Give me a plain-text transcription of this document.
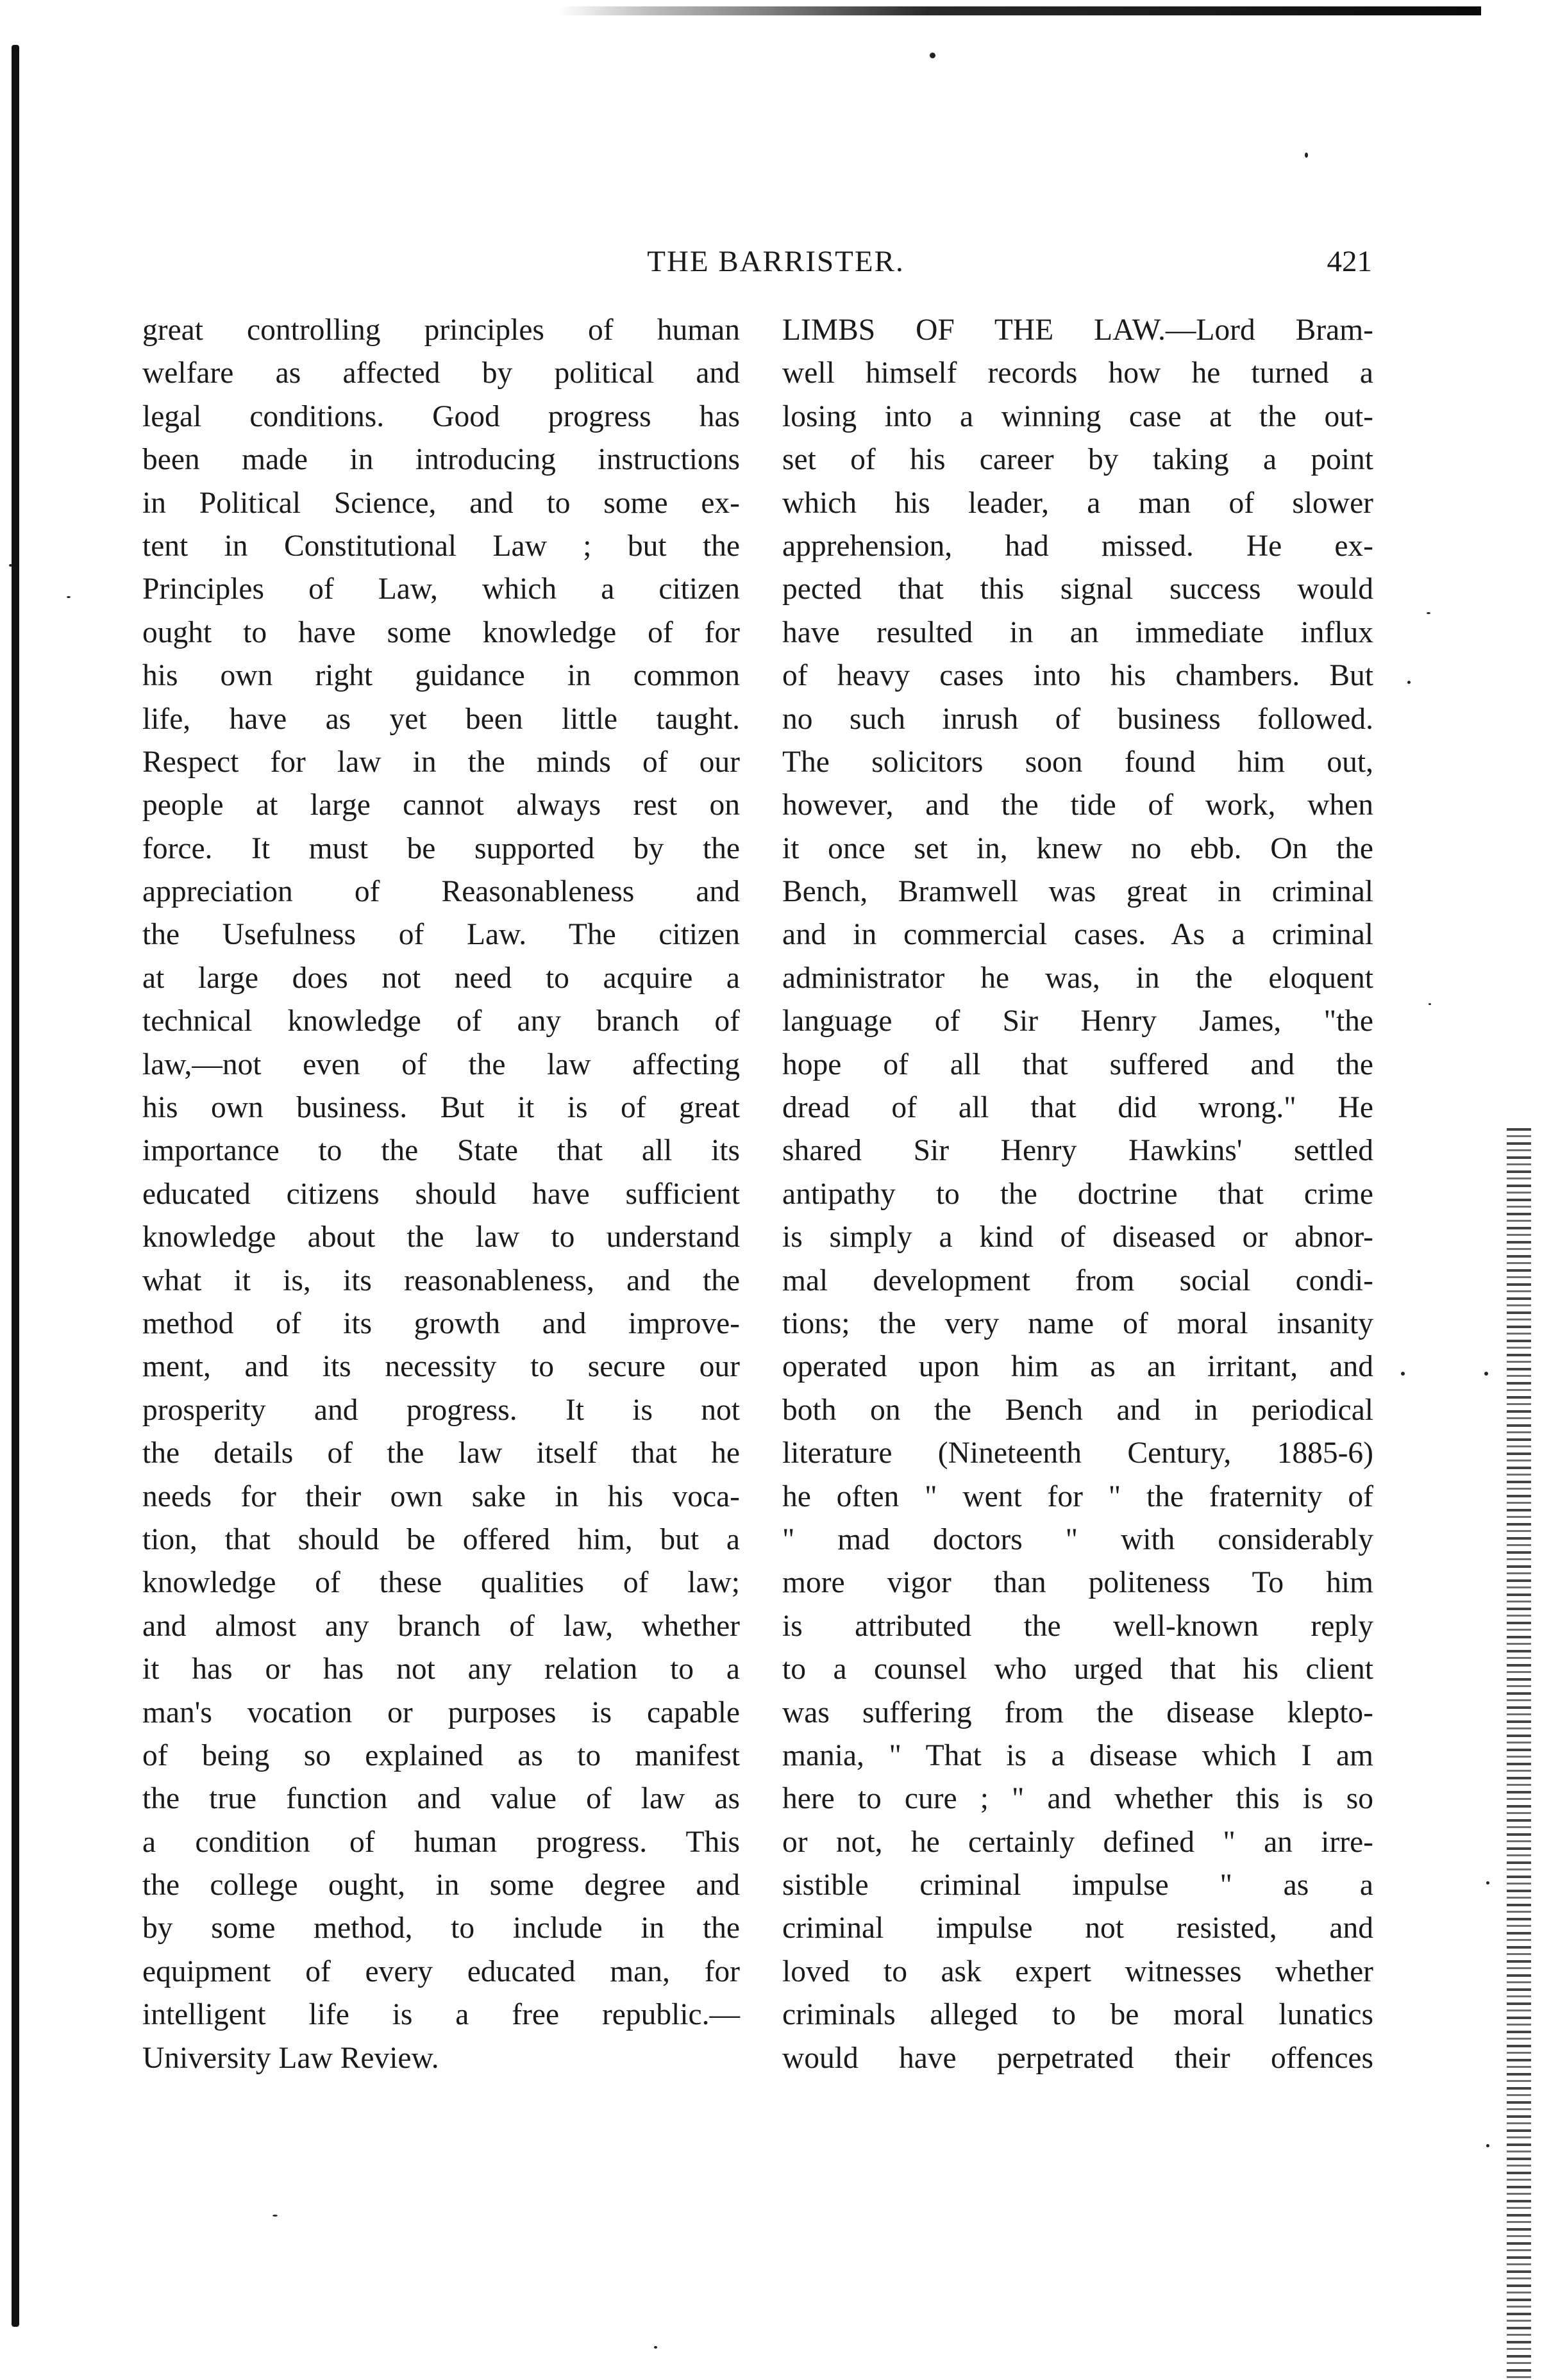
THE BARRISTER.	421
great controlling principles of human
welfare as affected by political and
legal conditions. Good progress has
been made in introducing instructions
in Political Science, and to some ex-
tent in Constitutional Law ; but the
Principles of Law, which a citizen
ought to have some knowledge of for
his own right guidance in common
life, have as yet been little taught.
Respect for law in the minds of our
people at large cannot always rest on
force. It must be supported by the
appreciation of Reasonableness and
the Usefulness of Law. The citizen
at large does not need to acquire a
technical knowledge of any branch of
law,—not even of the law affecting
his own business. But it is of great
importance to the State that all its
educated citizens should have sufficient
knowledge about the law to understand
what it is, its reasonableness, and the
method of its growth and improve-
ment, and its necessity to secure our
prosperity and progress. It is not
the details of the law itself that he
needs for their own sake in his voca-
tion, that should be offered him, but a
knowledge of these qualities of law;
and almost any branch of law, whether
it has or has not any relation to a
man's vocation or purposes is capable
of being so explained as to manifest
the true function and value of law as
a condition of human progress. This
the college ought, in some degree and
by some method, to include in the
equipment of every educated man, for
intelligent life is a free republic.—
University Law Review.
LIMBS OF THE LAW.—Lord Bram-
well himself records how he turned a
losing into a winning case at the out-
set of his career by taking a point
which his leader, a man of slower
apprehension, had missed. He ex-
pected that this signal success would
have resulted in an immediate influx
of heavy cases into his chambers. But
no such inrush of business followed.
The solicitors soon found him out,
however, and the tide of work, when
it once set in, knew no ebb. On the
Bench, Bramwell was great in criminal
and in commercial cases. As a criminal
administrator he was, in the eloquent
language of Sir Henry James, "the
hope of all that suffered and the
dread of all that did wrong." He
shared Sir Henry Hawkins' settled
antipathy to the doctrine that crime
is simply a kind of diseased or abnor-
mal development from social condi-
tions; the very name of moral insanity
operated upon him as an irritant, and
both on the Bench and in periodical
literature (Nineteenth Century, 1885-6)
he often " went for " the fraternity of
" mad doctors " with considerably
more vigor than politeness To him
is attributed the well-known reply
to a counsel who urged that his client
was suffering from the disease klepto-
mania, " That is a disease which I am
here to cure ; " and whether this is so
or not, he certainly defined " an irre-
sistible criminal impulse " as a
criminal impulse not resisted, and
loved to ask expert witnesses whether
criminals alleged to be moral lunatics
would have perpetrated their offences
